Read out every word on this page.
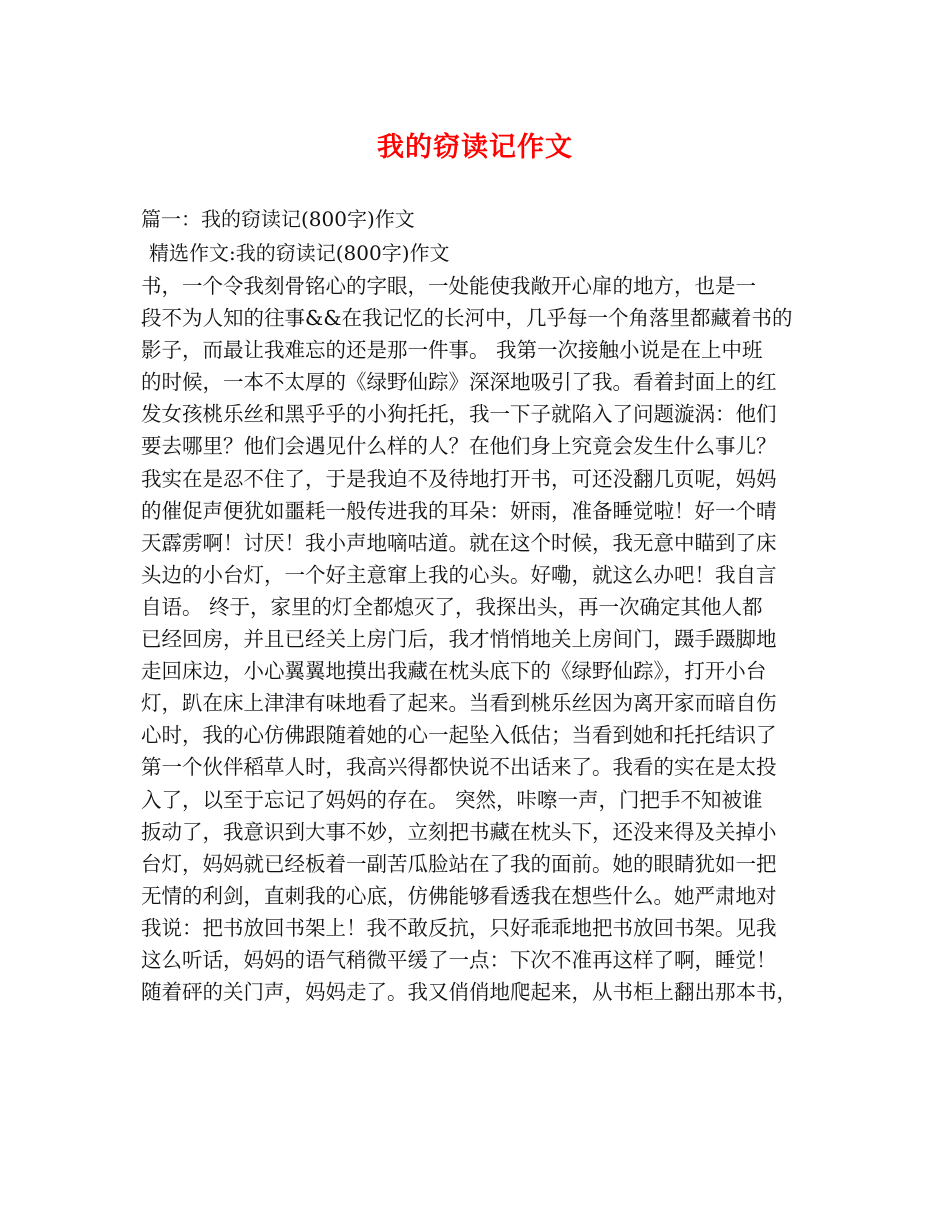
我的窃读记作文

篇一：我的窃读记(800字)作文

精选作文:我的窃读记(800字)作文

书，一个令我刻骨铭心的字眼，一处能使我敞开心扉的地方，也是一
段不为人知的往事&&在我记忆的长河中，几乎每一个角落里都藏着书的
影子，而最让我难忘的还是那一件事。 我第一次接触小说是在上中班
的时候，一本不太厚的《绿野仙踪》深深地吸引了我。看着封面上的红
发女孩桃乐丝和黑乎乎的小狗托托，我一下子就陷入了问题漩涡：他们
要去哪里？他们会遇见什么样的人？在他们身上究竟会发生什么事儿？
我实在是忍不住了，于是我迫不及待地打开书，可还没翻几页呢，妈妈
的催促声便犹如噩耗一般传进我的耳朵：妍雨，准备睡觉啦！好一个晴
天霹雳啊！讨厌！我小声地嘀咕道。就在这个时候，我无意中瞄到了床
头边的小台灯，一个好主意窜上我的心头。好嘞，就这么办吧！我自言
自语。 终于，家里的灯全都熄灭了，我探出头，再一次确定其他人都
已经回房，并且已经关上房门后，我才悄悄地关上房间门，蹑手蹑脚地
走回床边，小心翼翼地摸出我藏在枕头底下的《绿野仙踪》，打开小台
灯，趴在床上津津有味地看了起来。当看到桃乐丝因为离开家而暗自伤
心时，我的心仿佛跟随着她的心一起坠入低估；当看到她和托托结识了
第一个伙伴稻草人时，我高兴得都快说不出话来了。我看的实在是太投
入了，以至于忘记了妈妈的存在。 突然，咔嚓一声，门把手不知被谁
扳动了，我意识到大事不妙，立刻把书藏在枕头下，还没来得及关掉小
台灯，妈妈就已经板着一副苦瓜脸站在了我的面前。她的眼睛犹如一把
无情的利剑，直刺我的心底，仿佛能够看透我在想些什么。她严肃地对
我说：把书放回书架上！我不敢反抗，只好乖乖地把书放回书架。见我
这么听话，妈妈的语气稍微平缓了一点：下次不准再这样了啊，睡觉！
随着砰的关门声，妈妈走了。我又俏俏地爬起来，从书柜上翻出那本书，
